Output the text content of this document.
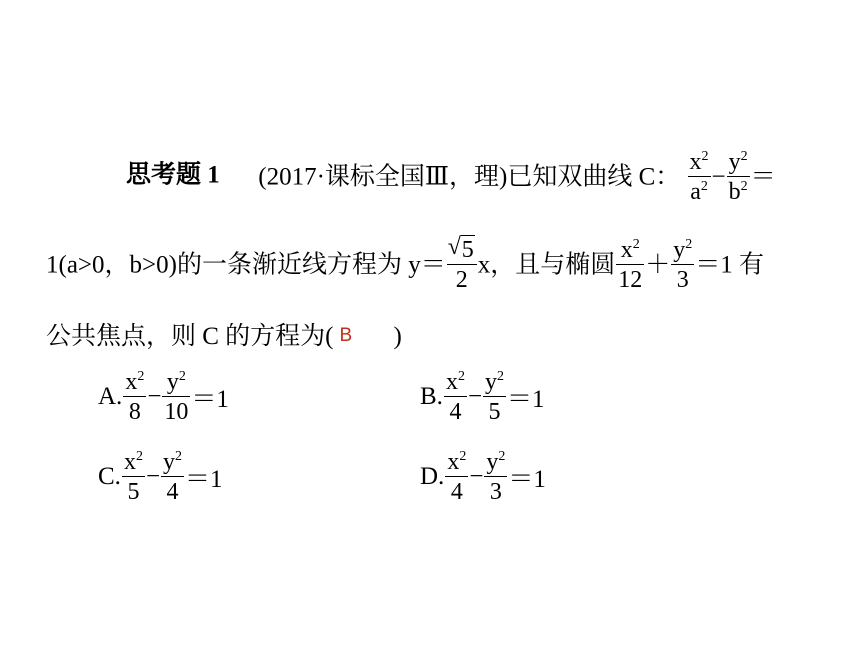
思考题 1 (2017·课标全国Ⅲ，理)已知双曲线 C： $\frac{x^2}{a^2} - \frac{y^2}{b^2}$ ＝
1(a>0，b>0)的一条渐近线方程为 $y= \frac{√ 5}{2}$ x，且与椭圆 $\frac{x^2}{12} + \frac{y^2}{3} =1$ 有
公共焦点，则 C 的方程为( B )
A. $\frac{x^2}{8} - \frac{y^2}{10} =1$	B. $\frac{x^2}{4} - \frac{y^2}{5} =1$
C. $\frac{x^2}{5} - \frac{y^2}{4} =1$	D. $\frac{x^2}{4} - \frac{y^2}{3} =1$
